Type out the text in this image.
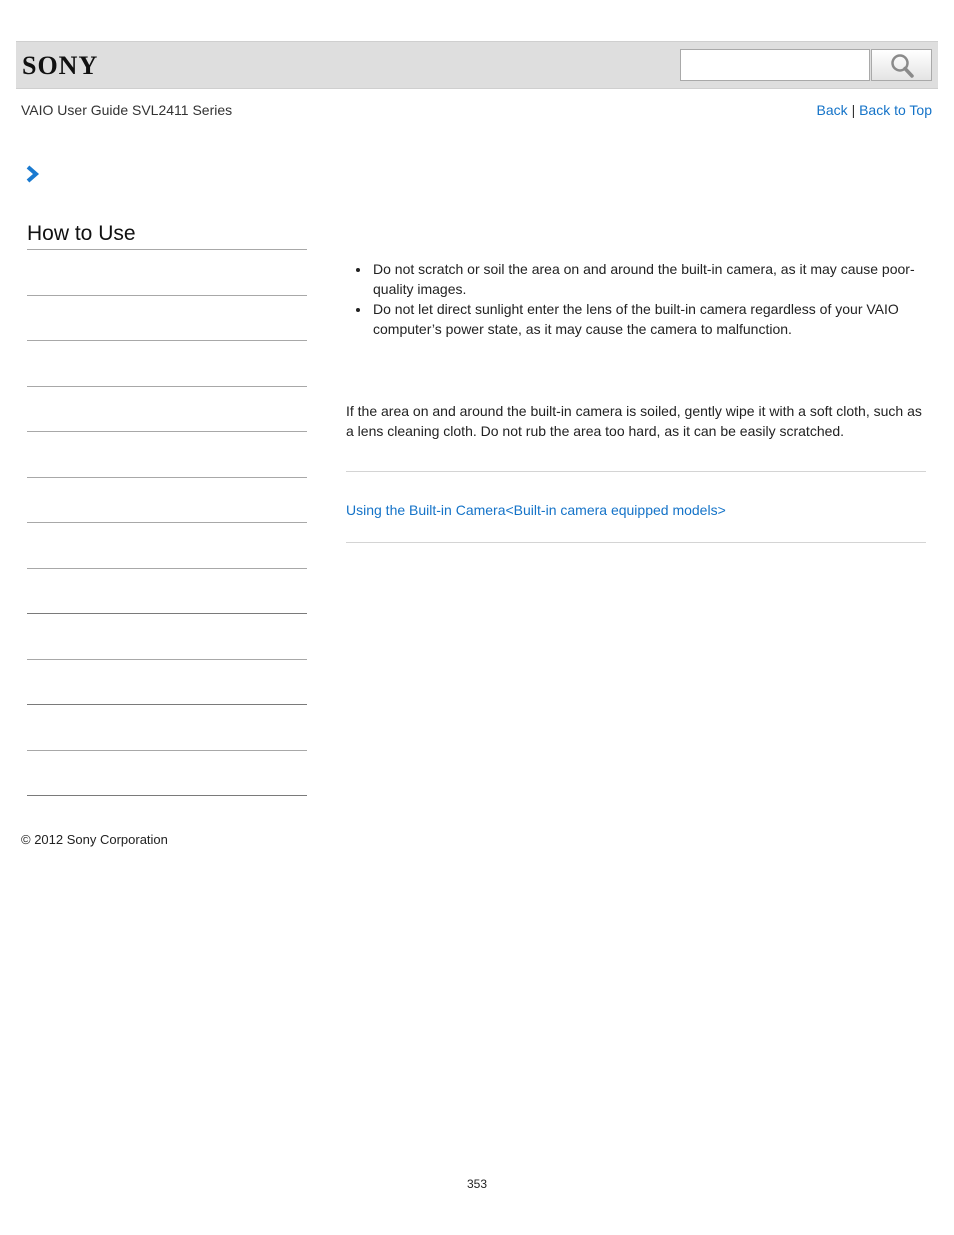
SONY
VAIO User Guide SVL2411 Series	Back | Back to Top
How to Use
Do not scratch or soil the area on and around the built-in camera, as it may cause poor-quality images.
Do not let direct sunlight enter the lens of the built-in camera regardless of your VAIO computer’s power state, as it may cause the camera to malfunction.

If the area on and around the built-in camera is soiled, gently wipe it with a soft cloth, such as a lens cleaning cloth. Do not rub the area too hard, as it can be easily scratched.

Using the Built-in Camera<Built-in camera equipped models>
© 2012 Sony Corporation
353
